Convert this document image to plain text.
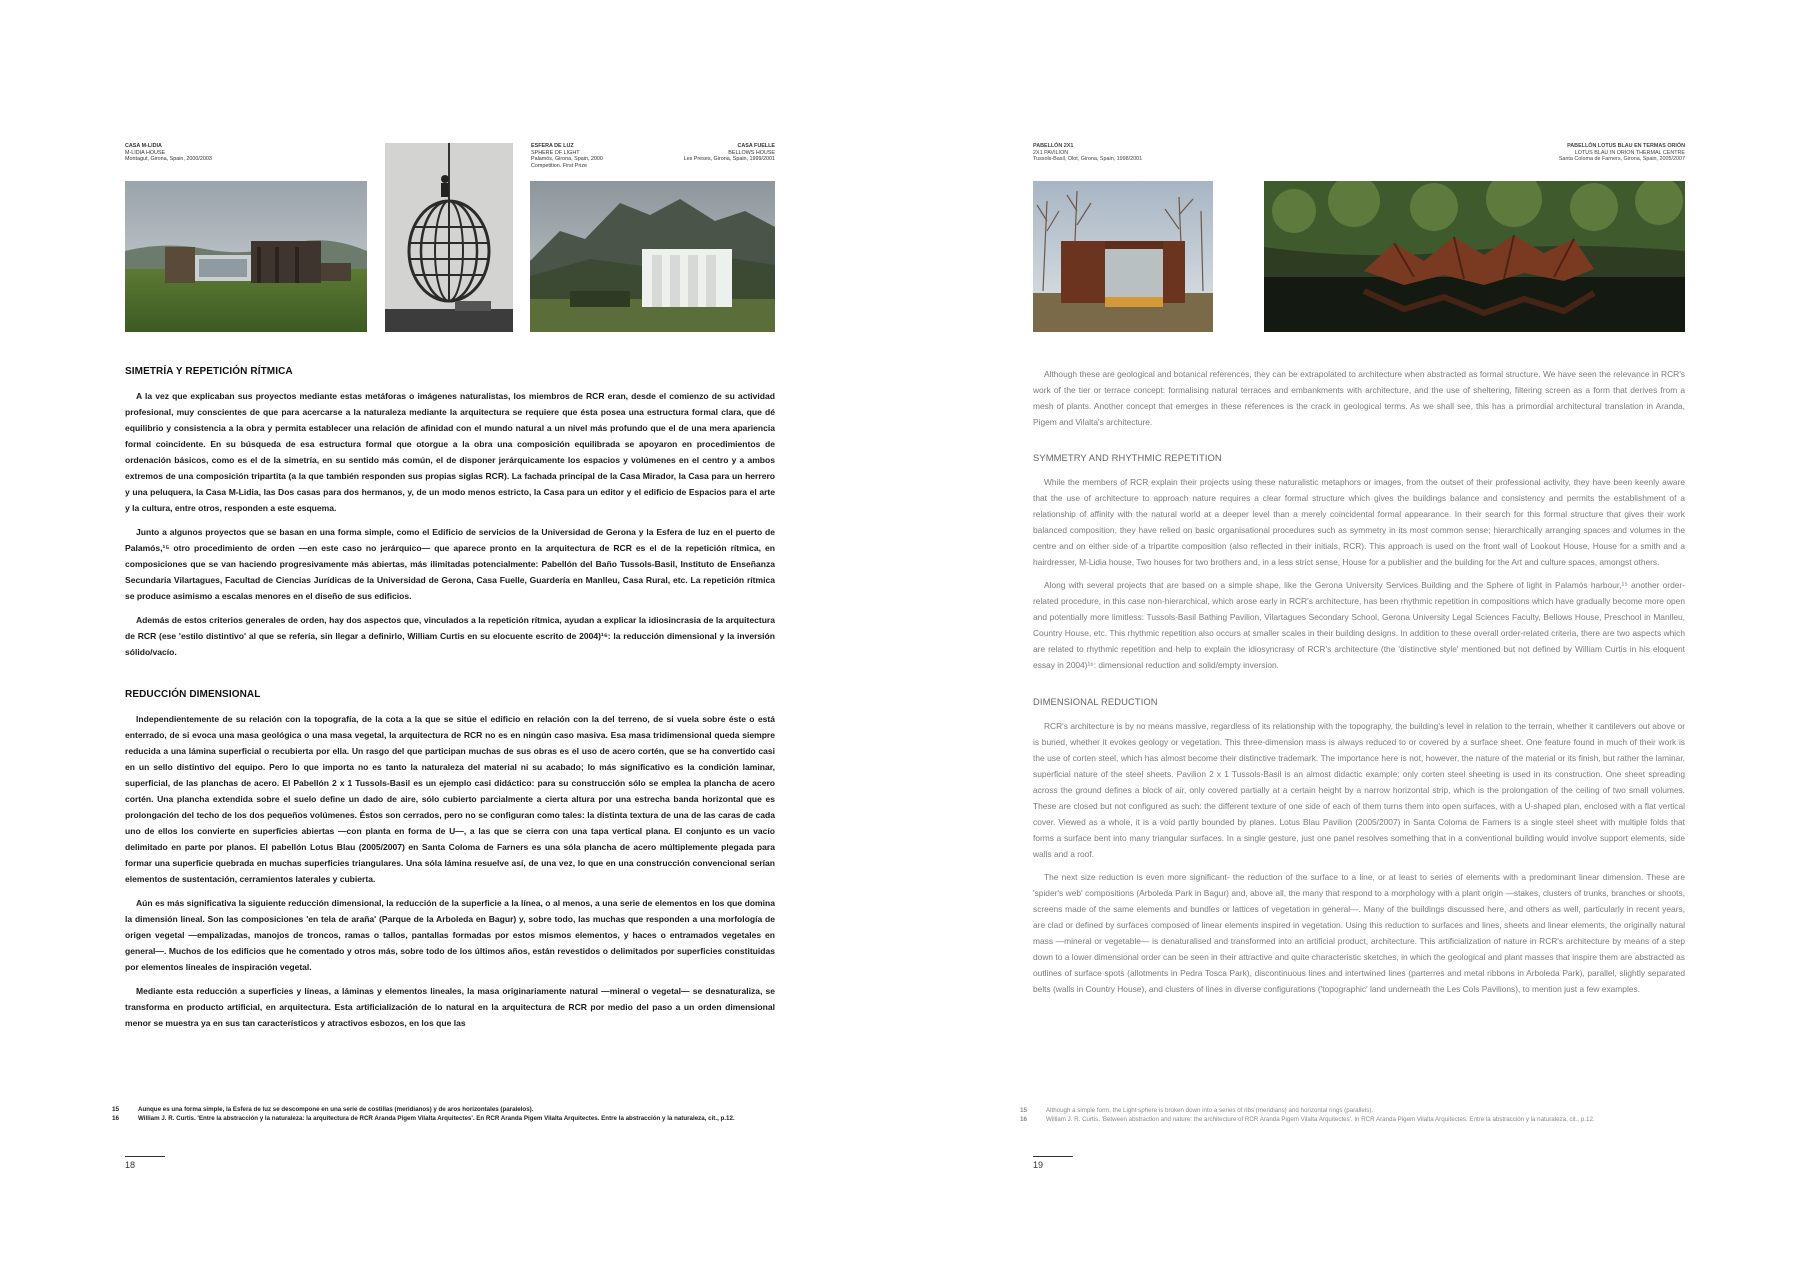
CASA M-LIDIA
M-LIDIA HOUSE
Montagut, Girona, Spain, 2000/2003
ESFERA DE LUZ
SPHERE OF LIGHT
Palamós, Girona, Spain, 2000
Competition. First Prize
CASA FUELLE
BELLOWS HOUSE
Les Preses, Girona, Spain, 1999/2001
SIMETRÍA Y REPETICIÓN RÍTMICA

A la vez que explicaban sus proyectos mediante estas metáforas o imágenes naturalistas, los miembros de RCR eran, desde el comienzo de su actividad profesional, muy conscientes de que para acercarse a la naturaleza mediante la arquitectura se requiere que ésta posea una estructura formal clara, que dé equilibrio y consistencia a la obra y permita establecer una relación de afinidad con el mundo natural a un nivel más profundo que el de una mera apariencia formal coincidente. En su búsqueda de esa estructura formal que otorgue a la obra una composición equilibrada se apoyaron en procedimientos de ordenación básicos, como es el de la simetría, en su sentido más común, el de disponer jerárquicamente los espacios y volúmenes en el centro y a ambos extremos de una composición tripartita (a la que también responden sus propias siglas RCR). La fachada principal de la Casa Mirador, la Casa para un herrero y una peluquera, la Casa M-Lidia, las Dos casas para dos hermanos, y, de un modo menos estricto, la Casa para un editor y el edificio de Espacios para el arte y la cultura, entre otros, responden a este esquema.

Junto a algunos proyectos que se basan en una forma simple, como el Edificio de servicios de la Universidad de Gerona y la Esfera de luz en el puerto de Palamós,¹⁵ otro procedimiento de orden —en este caso no jerárquico— que aparece pronto en la arquitectura de RCR es el de la repetición rítmica, en composiciones que se van haciendo progresivamente más abiertas, más ilimitadas potencialmente: Pabellón del Baño Tussols-Basil, Instituto de Enseñanza Secundaria Vilartagues, Facultad de Ciencias Jurídicas de la Universidad de Gerona, Casa Fuelle, Guardería en Manlleu, Casa Rural, etc. La repetición rítmica se produce asimismo a escalas menores en el diseño de sus edificios.

Además de estos criterios generales de orden, hay dos aspectos que, vinculados a la repetición rítmica, ayudan a explicar la idiosincrasia de la arquitectura de RCR (ese 'estilo distintivo' al que se refería, sin llegar a definirlo, William Curtis en su elocuente escrito de 2004)¹⁶: la reducción dimensional y la inversión sólido/vacío.

REDUCCIÓN DIMENSIONAL

Independientemente de su relación con la topografía, de la cota a la que se sitúe el edificio en relación con la del terreno, de si vuela sobre éste o está enterrado, de si evoca una masa geológica o una masa vegetal, la arquitectura de RCR no es en ningún caso masiva. Esa masa tridimensional queda siempre reducida a una lámina superficial o recubierta por ella. Un rasgo del que participan muchas de sus obras es el uso de acero cortén, que se ha convertido casi en un sello distintivo del equipo. Pero lo que importa no es tanto la naturaleza del material ni su acabado; lo más significativo es la condición laminar, superficial, de las planchas de acero. El Pabellón 2 x 1 Tussols-Basil es un ejemplo casi didáctico: para su construcción sólo se emplea la plancha de acero cortén. Una plancha extendida sobre el suelo define un dado de aire, sólo cubierto parcialmente a cierta altura por una estrecha banda horizontal que es prolongación del techo de los dos pequeños volúmenes. Éstos son cerrados, pero no se configuran como tales: la distinta textura de una de las caras de cada uno de ellos los convierte en superficies abiertas —con planta en forma de U—, a las que se cierra con una tapa vertical plana. El conjunto es un vacío delimitado en parte por planos. El pabellón Lotus Blau (2005/2007) en Santa Coloma de Farners es una sóla plancha de acero múltiplemente plegada para formar una superficie quebrada en muchas superficies triangulares. Una sóla lámina resuelve así, de una vez, lo que en una construcción convencional serían elementos de sustentación, cerramientos laterales y cubierta.

Aún es más significativa la siguiente reducción dimensional, la reducción de la superficie a la línea, o al menos, a una serie de elementos en los que domina la dimensión lineal. Son las composiciones 'en tela de araña' (Parque de la Arboleda en Bagur) y, sobre todo, las muchas que responden a una morfología de origen vegetal —empalizadas, manojos de troncos, ramas o tallos, pantallas formadas por estos mismos elementos, y haces o entramados vegetales en general—. Muchos de los edificios que he comentado y otros más, sobre todo de los últimos años, están revestidos o delimitados por superficies constituidas por elementos lineales de inspiración vegetal.

Mediante esta reducción a superficies y líneas, a láminas y elementos lineales, la masa originariamente natural —mineral o vegetal— se desnaturaliza, se transforma en producto artificial, en arquitectura. Esta artificialización de lo natural en la arquitectura de RCR por medio del paso a un orden dimensional menor se muestra ya en sus tan característicos y atractivos esbozos, en los que las

15	Aunque es una forma simple, la Esfera de luz se descompone en una serie de costillas (meridianos) y de aros horizontales (paralelos).
16	William J. R. Curtis. 'Entre la abstracción y la naturaleza: la arquitectura de RCR Aranda Pigem Vilalta Arquitectes'. En RCR Aranda Pigem Vilalta Arquitectes. Entre la abstracción y la naturaleza, cit., p.12.
18
PABELLÓN 2X1
2X1 PAVILION
Tussols-Basil, Olot, Girona, Spain, 1998/2001
PABELLÓN LOTUS BLAU EN TERMAS ORIÓN
LOTUS BLAU IN ORION THERMAL CENTRE
Santa Coloma de Farners, Girona, Spain, 2005/2007

Although these are geological and botanical references, they can be extrapolated to architecture when abstracted as formal structure. We have seen the relevance in RCR's work of the tier or terrace concept: formalising natural terraces and embankments with architecture, and the use of sheltering, filtering screen as a form that derives from a mesh of plants. Another concept that emerges in these references is the crack in geological terms. As we shall see, this has a primordial architectural translation in Aranda, Pigem and Vilalta's architecture.

SYMMETRY AND RHYTHMIC REPETITION

While the members of RCR explain their projects using these naturalistic metaphors or images, from the outset of their professional activity, they have been keenly aware that the use of architecture to approach nature requires a clear formal structure which gives the buildings balance and consistency and permits the establishment of a relationship of affinity with the natural world at a deeper level than a merely coincidental formal appearance. In their search for this formal structure that gives their work balanced composition, they have relied on basic organisational procedures such as symmetry in its most common sense; hierarchically arranging spaces and volumes in the centre and on either side of a tripartite composition (also reflected in their initials, RCR). This approach is used on the front wall of Lookout House, House for a smith and a hairdresser, M-Lidia house, Two houses for two brothers and, in a less strict sense, House for a publisher and the building for the Art and culture spaces, amongst others.

Along with several projects that are based on a simple shape, like the Gerona University Services Building and the Sphere of light in Palamós harbour,¹⁵ another order-related procedure, in this case non-hierarchical, which arose early in RCR's architecture, has been rhythmic repetition in compositions which have gradually become more open and potentially more limitless: Tussols-Basil Bathing Pavilion, Vilartagues Secondary School, Gerona University Legal Sciences Faculty, Bellows House, Preschool in Manlleu, Country House, etc. This rhythmic repetition also occurs at smaller scales in their building designs. In addition to these overall order-related criteria, there are two aspects which are related to rhythmic repetition and help to explain the idiosyncrasy of RCR's architecture (the 'distinctive style' mentioned but not defined by William Curtis in his eloquent essay in 2004)¹⁶: dimensional reduction and solid/empty inversion.

DIMENSIONAL REDUCTION

RCR's architecture is by no means massive, regardless of its relationship with the topography, the building's level in relation to the terrain, whether it cantilevers out above or is buried, whether it evokes geology or vegetation. This three-dimension mass is always reduced to or covered by a surface sheet. One feature found in much of their work is the use of corten steel, which has almost become their distinctive trademark. The importance here is not, however, the nature of the material or its finish, but rather the laminar, superficial nature of the steel sheets. Pavilion 2 x 1 Tussols-Basil is an almost didactic example: only corten steel sheeting is used in its construction. One sheet spreading across the ground defines a block of air, only covered partially at a certain height by a narrow horizontal strip, which is the prolongation of the ceiling of two small volumes. These are closed but not configured as such: the different texture of one side of each of them turns them into open surfaces, with a U-shaped plan, enclosed with a flat vertical cover. Viewed as a whole, it is a void partly bounded by planes. Lotus Blau Pavilion (2005/2007) in Santa Coloma de Farners is a single steel sheet with multiple folds that forms a surface bent into many triangular surfaces. In a single gesture, just one panel resolves something that in a conventional building would involve support elements, side walls and a roof.

The next size reduction is even more significant- the reduction of the surface to a line, or at least to series of elements with a predominant linear dimension. These are 'spider's web' compositions (Arboleda Park in Bagur) and, above all, the many that respond to a morphology with a plant origin —stakes, clusters of trunks, branches or shoots, screens made of the same elements and bundles or lattices of vegetation in general—. Many of the buildings discussed here, and others as well, particularly in recent years, are clad or defined by surfaces composed of linear elements inspired in vegetation. Using this reduction to surfaces and lines, sheets and linear elements, the originally natural mass —mineral or vegetable— is denaturalised and transformed into an artificial product, architecture. This artificialization of nature in RCR's architecture by means of a step down to a lower dimensional order can be seen in their attractive and quite characteristic sketches, in which the geological and plant masses that inspire them are abstracted as outlines of surface spots (allotments in Pedra Tosca Park), discontinuous lines and intertwined lines (parterres and metal ribbons in Arboleda Park), parallel, slightly separated belts (walls in Country House), and clusters of lines in diverse configurations ('topographic' land underneath the Les Cols Pavilions), to mention just a few examples.

15	Although a simple form, the Light sphere is broken down into a series of ribs (meridians) and horizontal rings (parallels).
16	William J. R. Curtis. 'Between abstraction and nature: the architecture of RCR Aranda Pigem Vilalta Arquitectes'. In RCR Aranda Pigem Vilalta Arquitectes. Entre la abstracción y la naturaleza, cit., p.12.
19
